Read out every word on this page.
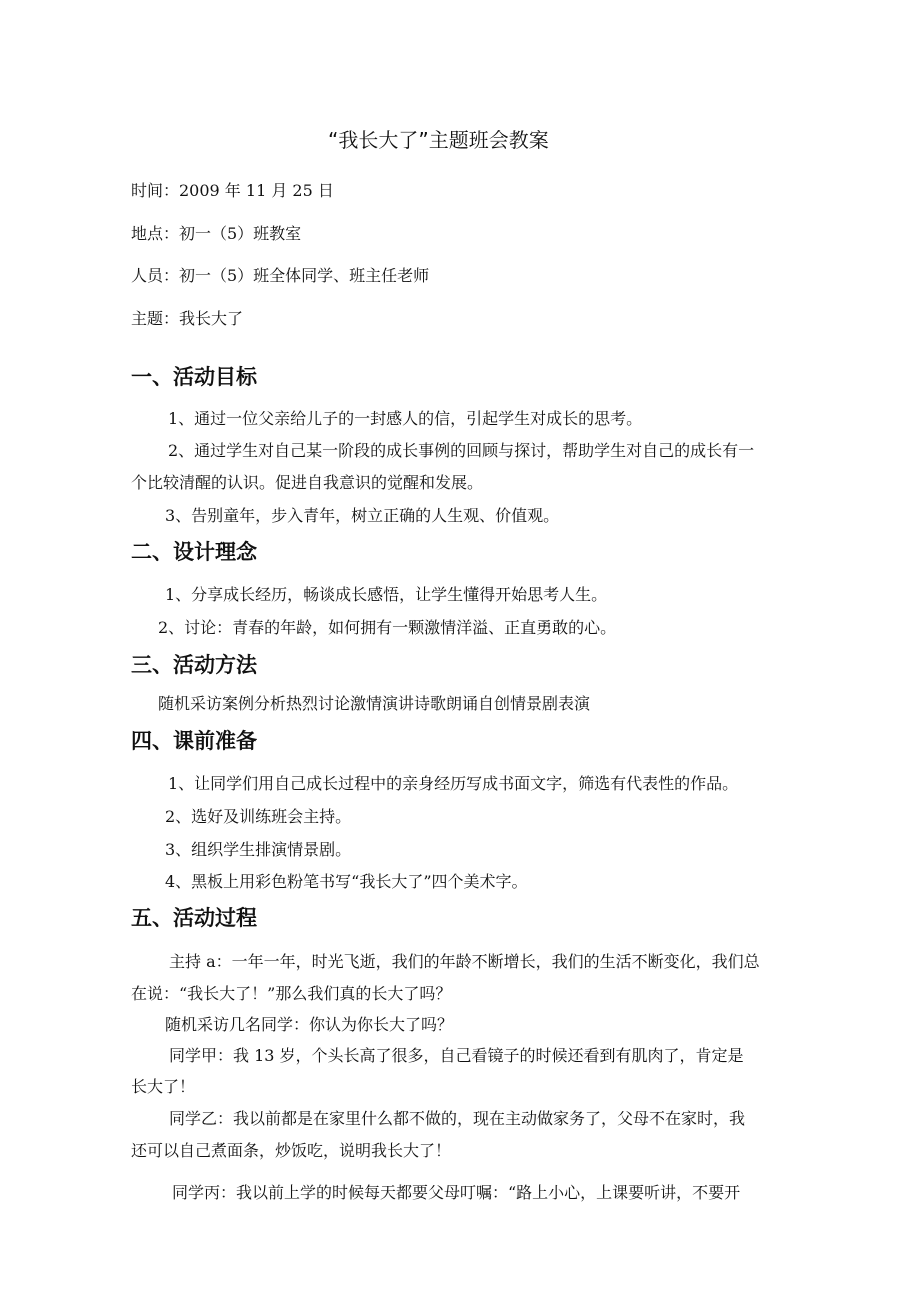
“我长大了”主题班会教案
时间：2009 年 11 月 25 日
地点：初一（5）班教室
人员：初一（5）班全体同学、班主任老师
主题：我长大了
一、活动目标
1、通过一位父亲给儿子的一封感人的信，引起学生对成长的思考。
2、通过学生对自己某一阶段的成长事例的回顾与探讨，帮助学生对自己的成长有一
个比较清醒的认识。促进自我意识的觉醒和发展。
3、告别童年，步入青年，树立正确的人生观、价值观。
二、设计理念
1、分享成长经历，畅谈成长感悟，让学生懂得开始思考人生。
2、讨论：青春的年龄，如何拥有一颗激情洋溢、正直勇敢的心。
三、活动方法
随机采访案例分析热烈讨论激情演讲诗歌朗诵自创情景剧表演
四、课前准备
1、让同学们用自己成长过程中的亲身经历写成书面文字，筛选有代表性的作品。
2、选好及训练班会主持。
3、组织学生排演情景剧。
4、黑板上用彩色粉笔书写“我长大了”四个美术字。
五、活动过程
主持 a：一年一年，时光飞逝，我们的年龄不断增长，我们的生活不断变化，我们总
在说：“我长大了！”那么我们真的长大了吗？
随机采访几名同学：你认为你长大了吗？
同学甲：我 13 岁，个头长高了很多，自己看镜子的时候还看到有肌肉了，肯定是
长大了！
同学乙：我以前都是在家里什么都不做的，现在主动做家务了，父母不在家时，我
还可以自己煮面条，炒饭吃，说明我长大了！
同学丙：我以前上学的时候每天都要父母叮嘱：“路上小心，上课要听讲，不要开
